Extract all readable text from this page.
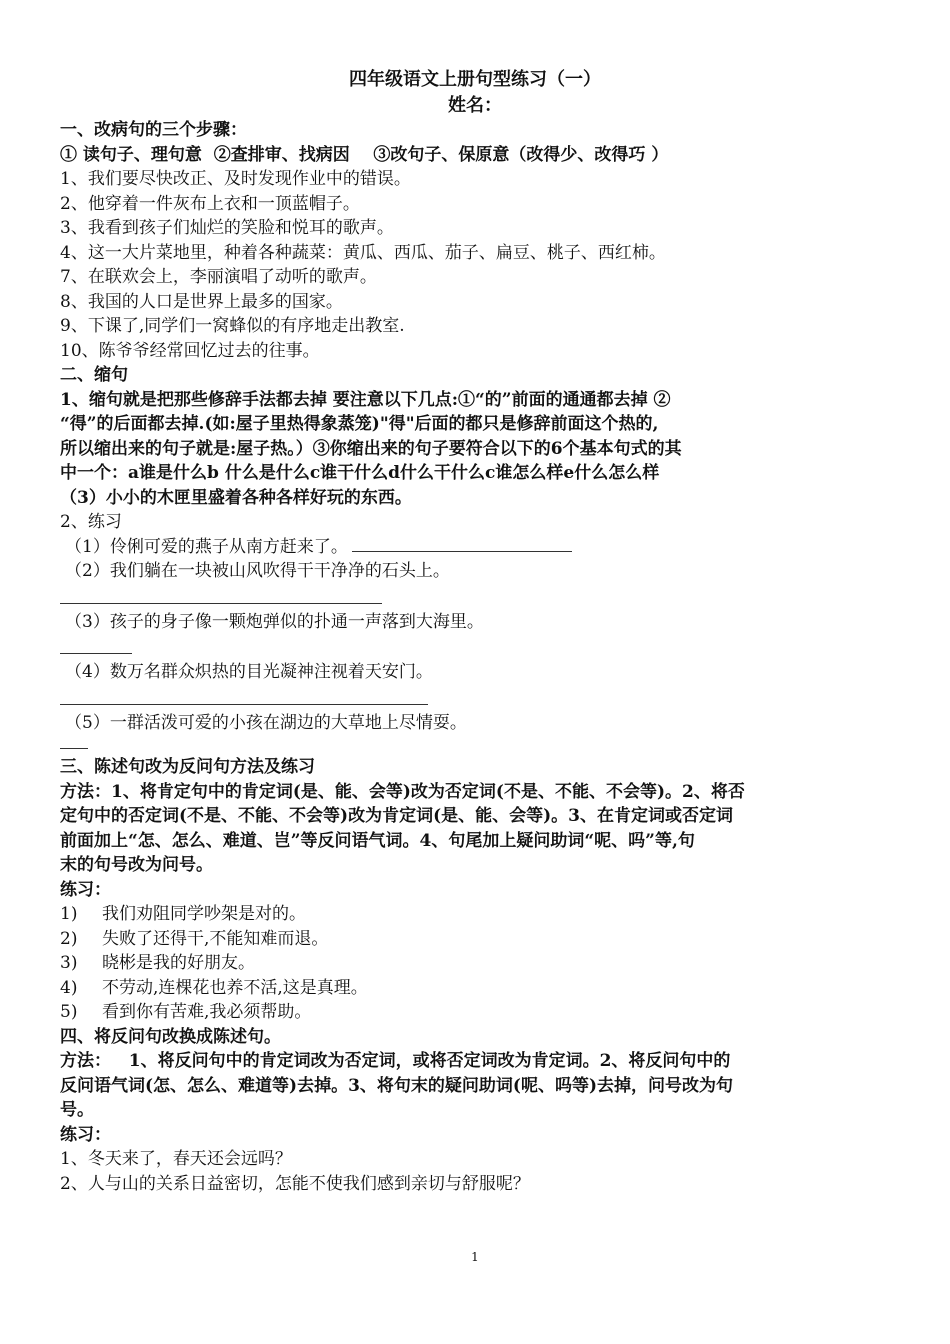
四年级语文上册句型练习（一）
姓名：

一、改病句的三个步骤：

① 读句子、理句意  ②查排审、找病因    ③改句子、保原意（改得少、改得巧 ）

1、我们要尽快改正、及时发现作业中的错误。

2、他穿着一件灰布上衣和一顶蓝帽子。

3、我看到孩子们灿烂的笑脸和悦耳的歌声。

4、这一大片菜地里，种着各种蔬菜：黄瓜、西瓜、茄子、扁豆、桃子、西红柿。

7、在联欢会上，李丽演唱了动听的歌声。

8、我国的人口是世界上最多的国家。

9、下课了,同学们一窝蜂似的有序地走出教室.

10、陈爷爷经常回忆过去的往事。

二、缩句

1、缩句就是把那些修辞手法都去掉 要注意以下几点:①“的”前面的通通都去掉 ②

“得”的后面都去掉.(如:屋子里热得象蒸笼)"得"后面的都只是修辞前面这个热的,

所以缩出来的句子就是:屋子热。）③你缩出来的句子要符合以下的6个基本句式的其

中一个：a谁是什么b 什么是什么c谁干什么d什么干什么c谁怎么样e什么怎么样

（3）小小的木匣里盛着各种各样好玩的东西。

2、练习

（1）伶俐可爱的燕子从南方赶来了。

（2）我们躺在一块被山风吹得干干净净的石头上。

（3）孩子的身子像一颗炮弹似的扑通一声落到大海里。

（4）数万名群众炽热的目光凝神注视着天安门。

（5）一群活泼可爱的小孩在湖边的大草地上尽情耍。

三、陈述句改为反问句方法及练习

方法：1、将肯定句中的肯定词(是、能、会等)改为否定词(不是、不能、不会等)。2、将否

定句中的否定词(不是、不能、不会等)改为肯定词(是、能、会等)。3、在肯定词或否定词

前面加上“怎、怎么、难道、岂”等反问语气词。4、句尾加上疑问助词“呢、吗”等,句

末的句号改为问号。

练习：

1) 我们劝阻同学吵架是对的。

2) 失败了还得干,不能知难而退。

3) 晓彬是我的好朋友。

4) 不劳动,连棵花也养不活,这是真理。

5) 看到你有苦难,我必须帮助。

四、将反问句改换成陈述句。

方法：   1、将反问句中的肯定词改为否定词，或将否定词改为肯定词。2、将反问句中的

反问语气词(怎、怎么、难道等)去掉。3、将句末的疑问助词(呢、吗等)去掉，问号改为句

号。

练习：

1、冬天来了，春天还会远吗？

2、人与山的关系日益密切，怎能不使我们感到亲切与舒服呢？

1
